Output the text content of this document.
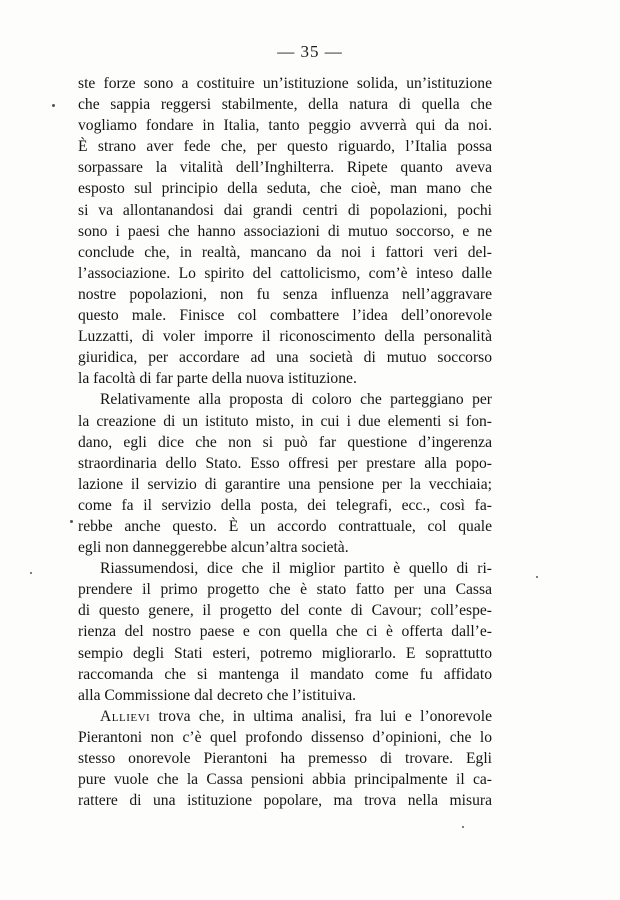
— 35 —
ste forze sono a costituire un’istituzione solida, un’istituzione
che sappia reggersi stabilmente, della natura di quella che
vogliamo fondare in Italia, tanto peggio avverrà qui da noi.
È strano aver fede che, per questo riguardo, l’Italia possa
sorpassare la vitalità dell’Inghilterra. Ripete quanto aveva
esposto sul principio della seduta, che cioè, man mano che
si va allontanandosi dai grandi centri di popolazioni, pochi
sono i paesi che hanno associazioni di mutuo soccorso, e ne
conclude che, in realtà, mancano da noi i fattori veri del-
l’associazione. Lo spirito del cattolicismo, com’è inteso dalle
nostre popolazioni, non fu senza influenza nell’aggravare
questo male. Finisce col combattere l’idea dell’onorevole
Luzzatti, di voler imporre il riconoscimento della personalità
giuridica, per accordare ad una società di mutuo soccorso
la facoltà di far parte della nuova istituzione.
Relativamente alla proposta di coloro che parteggiano per
la creazione di un istituto misto, in cui i due elementi si fon-
dano, egli dice che non si può far questione d’ingerenza
straordinaria dello Stato. Esso offresi per prestare alla popo-
lazione il servizio di garantire una pensione per la vecchiaia;
come fa il servizio della posta, dei telegrafi, ecc., così fa-
rebbe anche questo. È un accordo contrattuale, col quale
egli non danneggerebbe alcun’altra società.
Riassumendosi, dice che il miglior partito è quello di ri-
prendere il primo progetto che è stato fatto per una Cassa
di questo genere, il progetto del conte di Cavour; coll’espe-
rienza del nostro paese e con quella che ci è offerta dall’e-
sempio degli Stati esteri, potremo migliorarlo. E soprattutto
raccomanda che si mantenga il mandato come fu affidato
alla Commissione dal decreto che l’istituiva.
Allievi trova che, in ultima analisi, fra lui e l’onorevole
Pierantoni non c’è quel profondo dissenso d’opinioni, che lo
stesso onorevole Pierantoni ha premesso di trovare. Egli
pure vuole che la Cassa pensioni abbia principalmente il ca-
rattere di una istituzione popolare, ma trova nella misura
